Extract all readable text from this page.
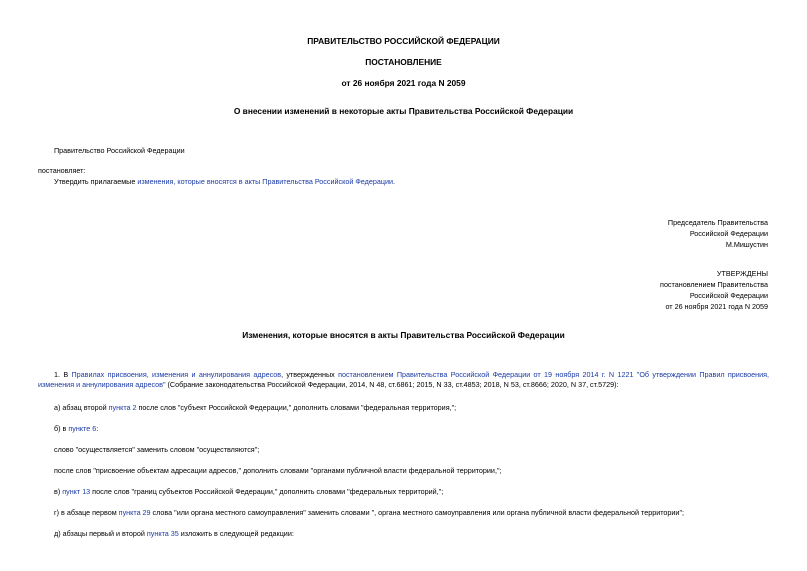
ПРАВИТЕЛЬСТВО РОССИЙСКОЙ ФЕДЕРАЦИИ
ПОСТАНОВЛЕНИЕ
от 26 ноября 2021 года N 2059
О внесении изменений в некоторые акты Правительства Российской Федерации
Правительство Российской Федерации
постановляет:
Утвердить прилагаемые изменения, которые вносятся в акты Правительства Российской Федерации.
Председатель Правительства
Российской Федерации
М.Мишустин
УТВЕРЖДЕНЫ
постановлением Правительства
Российской Федерации
от 26 ноября 2021 года N 2059
Изменения, которые вносятся в акты Правительства Российской Федерации
1. В Правилах присвоения, изменения и аннулирования адресов, утвержденных постановлением Правительства Российской Федерации от 19 ноября 2014 г. N 1221 "Об утверждении Правил присвоения, изменения и аннулирования адресов" (Собрание законодательства Российской Федерации, 2014, N 48, ст.6861; 2015, N 33, ст.4853; 2018, N 53, ст.8666; 2020, N 37, ст.5729):
а) абзац второй пункта 2 после слов "субъект Российской Федерации," дополнить словами "федеральная территория,";
б) в пункте 6:
слово "осуществляется" заменить словом "осуществляются";
после слов "присвоение объектам адресации адресов," дополнить словами "органами публичной власти федеральной территории,";
в) пункт 13 после слов "границ субъектов Российской Федерации," дополнить словами "федеральных территорий,";
г) в абзаце первом пункта 29 слова "или органа местного самоуправления" заменить словами ", органа местного самоуправления или органа публичной власти федеральной территории";
д) абзацы первый и второй пункта 35 изложить в следующей редакции:
